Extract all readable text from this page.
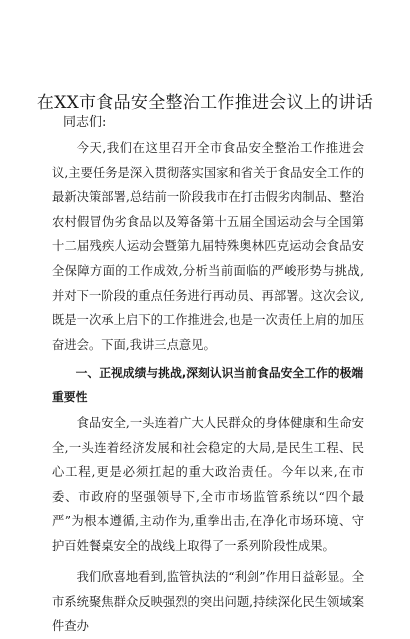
在XX市食品安全整治工作推进会议上的讲话

今天,我们在这里召开全市食品安全整治工作推进会议,主要任务是深入贯彻落实国家和省关于食品安全工作的最新决策部署,总结前一阶段我市在打击假劣肉制品、整治农村假冒伪劣食品以及筹备第十五届全国运动会与全国第十二届残疾人运动会暨第九届特殊奥林匹克运动会食品安全保障方面的工作成效,分析当前面临的严峻形势与挑战,并对下一阶段的重点任务进行再动员、再部署。这次会议,既是一次承上启下的工作推进会,也是一次责任上肩的加压奋进会。下面,我讲三点意见。

同志们:

一、正视成绩与挑战,深刻认识当前食品安全工作的极端重要性

食品安全,一头连着广大人民群众的身体健康和生命安全,一头连着经济发展和社会稳定的大局,是民生工程、民心工程,更是必须扛起的重大政治责任。今年以来,在市委、市政府的坚强领导下,全市市场监管系统以“四个最严”为根本遵循,主动作为,重拳出击,在净化市场环境、守护百姓餐桌安全的战线上取得了一系列阶段性成果。

我们欣喜地看到,监管执法的“利剑”作用日益彰显。全市系统聚焦群众反映强烈的突出问题,持续深化民生领域案件查办
